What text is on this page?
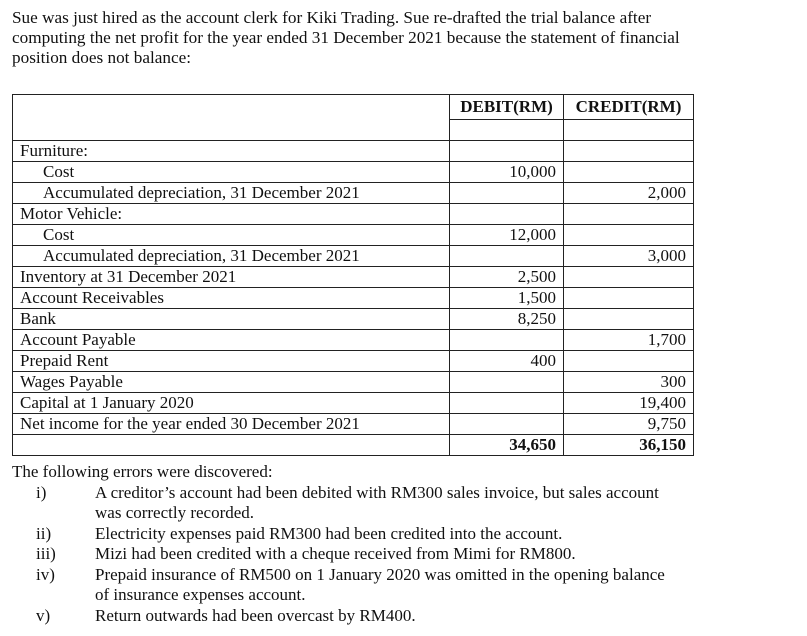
Sue was just hired as the account clerk for Kiki Trading. Sue re-drafted the trial balance after
computing the net profit for the year ended 31 December 2021 because the statement of financial
position does not balance:
	DEBIT(RM)	CREDIT(RM)

Furniture:		
Cost	10,000	
Accumulated depreciation, 31 December 2021		2,000
Motor Vehicle:		
Cost	12,000	
Accumulated depreciation, 31 December 2021		3,000
Inventory at 31 December 2021	2,500	
Account Receivables	1,500	
Bank	8,250	
Account Payable		1,700
Prepaid Rent	400	
Wages Payable		300
Capital at 1 January 2020		19,400
Net income for the year ended 30 December 2021		9,750
	34,650	36,150
The following errors were discovered:
i)	A creditor’s account had been debited with RM300 sales invoice, but sales account
was correctly recorded.
ii)	Electricity expenses paid RM300 had been credited into the account.
iii)	Mizi had been credited with a cheque received from Mimi for RM800.
iv)	Prepaid insurance of RM500 on 1 January 2020 was omitted in the opening balance
of insurance expenses account.
v)	Return outwards had been overcast by RM400.
